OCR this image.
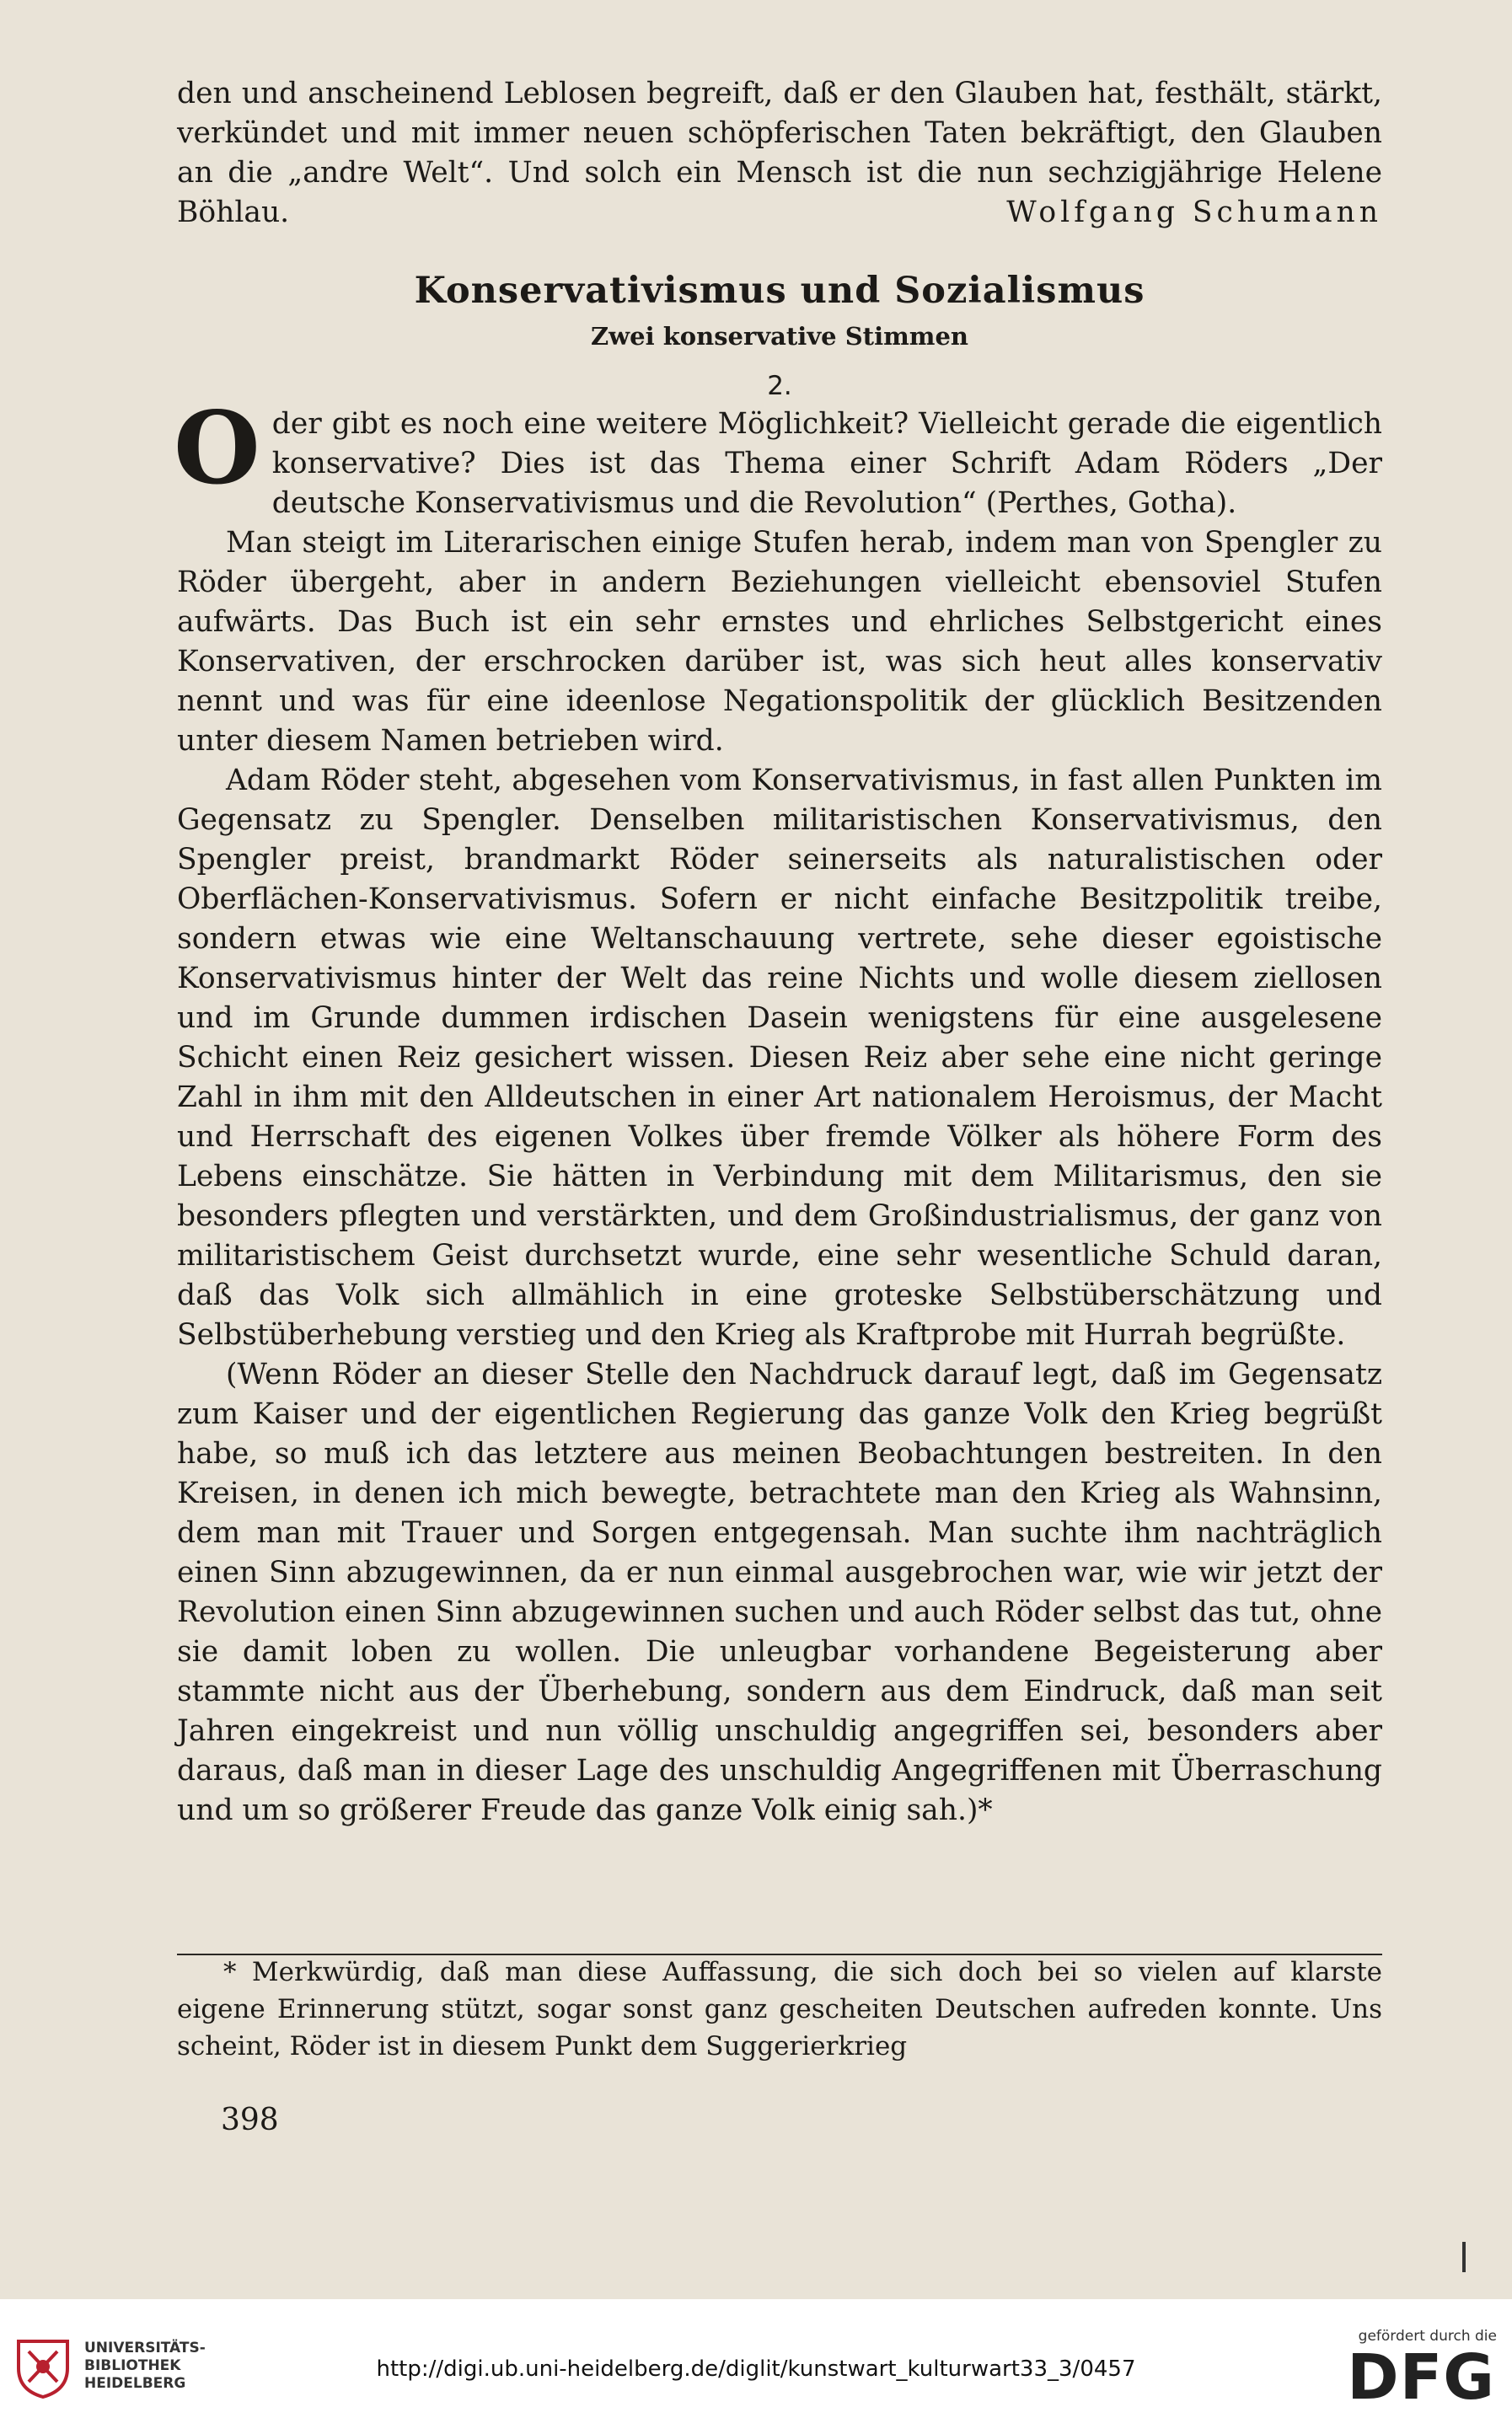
den und anscheinend Leblosen begreift, daß er den Glauben hat, festhält, stärkt, verkündet und mit immer neuen schöpferischen Taten bekräftigt, den Glauben an die „andre Welt“. Und solch ein Mensch ist die nun sechzigjährige Helene Böhlau.	Wolfgang Schumann

Konservativismus und Sozialismus
Zwei konservative Stimmen
2.

Oder gibt es noch eine weitere Möglichkeit? Vielleicht gerade die eigentlich konservative? Dies ist das Thema einer Schrift Adam Röders „Der deutsche Konservativismus und die Revolution“ (Perthes, Gotha).

Man steigt im Literarischen einige Stufen herab, indem man von Spengler zu Röder übergeht, aber in andern Beziehungen vielleicht ebensoviel Stufen aufwärts. Das Buch ist ein sehr ernstes und ehrliches Selbstgericht eines Konservativen, der erschrocken darüber ist, was sich heut alles konservativ nennt und was für eine ideenlose Negationspolitik der glücklich Besitzenden unter diesem Namen betrieben wird.

Adam Röder steht, abgesehen vom Konservativismus, in fast allen Punkten im Gegensatz zu Spengler. Denselben militaristischen Konservativismus, den Spengler preist, brandmarkt Röder seinerseits als naturalistischen oder Oberflächen-Konservativismus. Sofern er nicht einfache Besitzpolitik treibe, sondern etwas wie eine Weltanschauung vertrete, sehe dieser egoistische Konservativismus hinter der Welt das reine Nichts und wolle diesem ziellosen und im Grunde dummen irdischen Dasein wenigstens für eine ausgelesene Schicht einen Reiz gesichert wissen. Diesen Reiz aber sehe eine nicht geringe Zahl in ihm mit den Alldeutschen in einer Art nationalem Heroismus, der Macht und Herrschaft des eigenen Volkes über fremde Völker als höhere Form des Lebens einschätze. Sie hätten in Verbindung mit dem Militarismus, den sie besonders pflegten und verstärkten, und dem Großindustrialismus, der ganz von militaristischem Geist durchsetzt wurde, eine sehr wesentliche Schuld daran, daß das Volk sich allmählich in eine groteske Selbstüberschätzung und Selbstüberhebung verstieg und den Krieg als Kraftprobe mit Hurrah begrüßte.

(Wenn Röder an dieser Stelle den Nachdruck darauf legt, daß im Gegensatz zum Kaiser und der eigentlichen Regierung das ganze Volk den Krieg begrüßt habe, so muß ich das letztere aus meinen Beobachtungen bestreiten. In den Kreisen, in denen ich mich bewegte, betrachtete man den Krieg als Wahnsinn, dem man mit Trauer und Sorgen entgegensah. Man suchte ihm nachträglich einen Sinn abzugewinnen, da er nun einmal ausgebrochen war, wie wir jetzt der Revolution einen Sinn abzugewinnen suchen und auch Röder selbst das tut, ohne sie damit loben zu wollen. Die unleugbar vorhandene Begeisterung aber stammte nicht aus der Überhebung, sondern aus dem Eindruck, daß man seit Jahren eingekreist und nun völlig unschuldig angegriffen sei, besonders aber daraus, daß man in dieser Lage des unschuldig Angegriffenen mit Überraschung und um so größerer Freude das ganze Volk einig sah.)*

* Merkwürdig, daß man diese Auffassung, die sich doch bei so vielen auf klarste eigene Erinnerung stützt, sogar sonst ganz gescheiten Deutschen aufreden konnte. Uns scheint, Röder ist in diesem Punkt dem Suggerierkrieg

398
UNIVERSITÄTS-
BIBLIOTHEK
HEIDELBERG
http://digi.ub.uni-heidelberg.de/diglit/kunstwart_kulturwart33_3/0457
gefördert durch die
DFG
